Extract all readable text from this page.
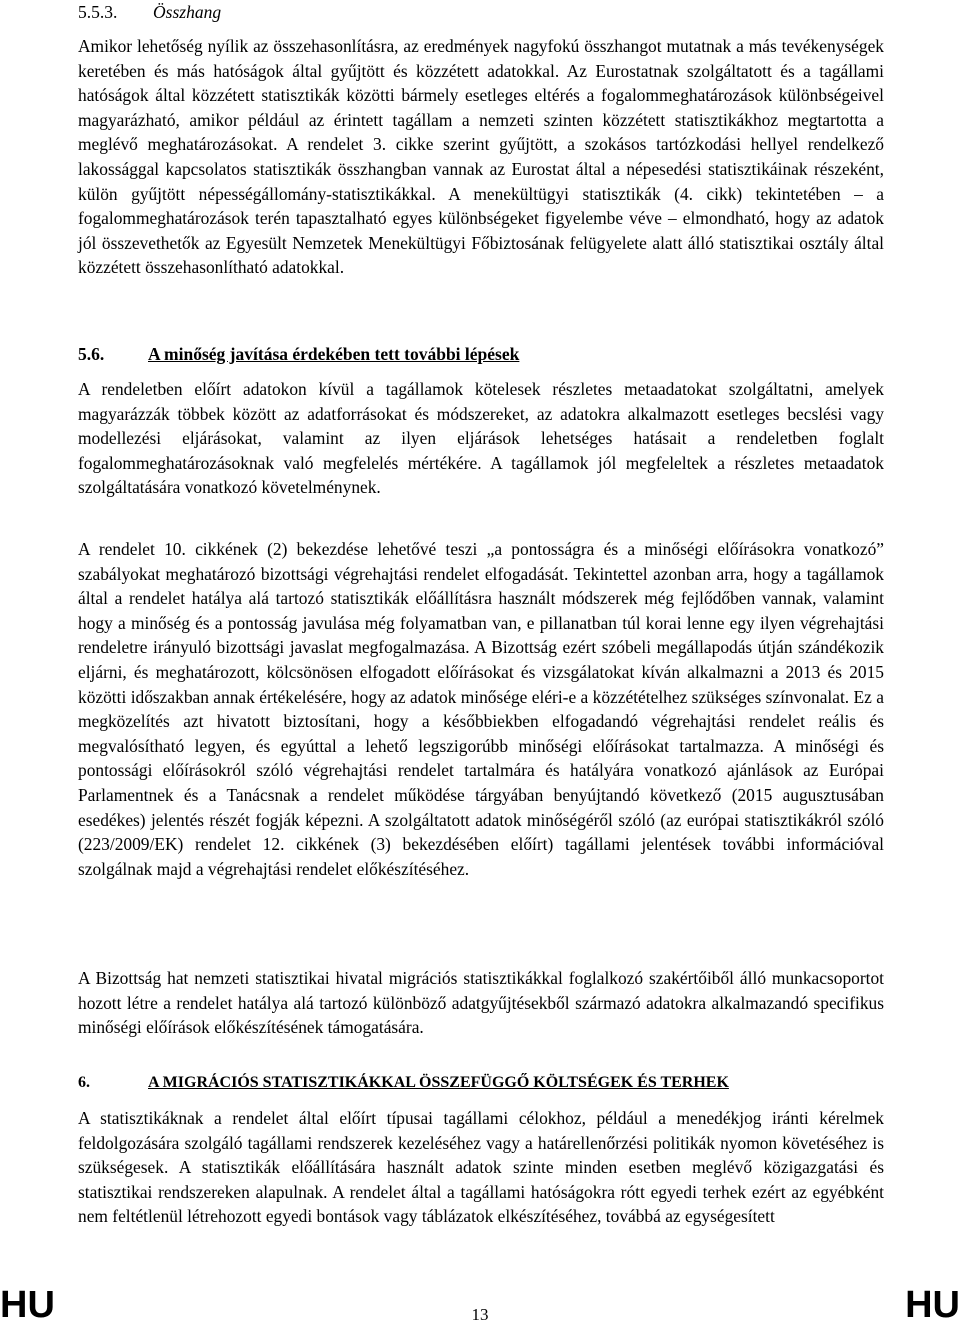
5.5.3. Összhang

Amikor lehetőség nyílik az összehasonlításra, az eredmények nagyfokú összhangot mutatnak a más tevékenységek keretében és más hatóságok által gyűjtött és közzétett adatokkal. Az Eurostatnak szolgáltatott és a tagállami hatóságok által közzétett statisztikák közötti bármely esetleges eltérés a fogalommeghatározások különbségeivel magyarázható, amikor például az érintett tagállam a nemzeti szinten közzétett statisztikákhoz megtartotta a meglévő meghatározásokat. A rendelet 3. cikke szerint gyűjtött, a szokásos tartózkodási hellyel rendelkező lakossággal kapcsolatos statisztikák összhangban vannak az Eurostat által a népesedési statisztikáinak részeként, külön gyűjtött népességállomány-statisztikákkal. A menekültügyi statisztikák (4. cikk) tekintetében – a fogalommeghatározások terén tapasztalható egyes különbségeket figyelembe véve – elmondható, hogy az adatok jól összevethetők az Egyesült Nemzetek Menekültügyi Főbiztosának felügyelete alatt álló statisztikai osztály által közzétett összehasonlítható adatokkal.

5.6.	A minőség javítása érdekében tett további lépések

A rendeletben előírt adatokon kívül a tagállamok kötelesek részletes metaadatokat szolgáltatni, amelyek magyarázzák többek között az adatforrásokat és módszereket, az adatokra alkalmazott esetleges becslési vagy modellezési eljárásokat, valamint az ilyen eljárások lehetséges hatásait a rendeletben foglalt fogalommeghatározásoknak való megfelelés mértékére. A tagállamok jól megfeleltek a részletes metaadatok szolgáltatására vonatkozó követelménynek.

A rendelet 10. cikkének (2) bekezdése lehetővé teszi „a pontosságra és a minőségi előírásokra vonatkozó” szabályokat meghatározó bizottsági végrehajtási rendelet elfogadását. Tekintettel azonban arra, hogy a tagállamok által a rendelet hatálya alá tartozó statisztikák előállításra használt módszerek még fejlődőben vannak, valamint hogy a minőség és a pontosság javulása még folyamatban van, e pillanatban túl korai lenne egy ilyen végrehajtási rendeletre irányuló bizottsági javaslat megfogalmazása. A Bizottság ezért szóbeli megállapodás útján szándékozik eljárni, és meghatározott, kölcsönösen elfogadott előírásokat és vizsgálatokat kíván alkalmazni a 2013 és 2015 közötti időszakban annak értékelésére, hogy az adatok minősége eléri-e a közzétételhez szükséges színvonalat. Ez a megközelítés azt hivatott biztosítani, hogy a későbbiekben elfogadandó végrehajtási rendelet reális és megvalósítható legyen, és egyúttal a lehető legszigorúbb minőségi előírásokat tartalmazza. A minőségi és pontossági előírásokról szóló végrehajtási rendelet tartalmára és hatályára vonatkozó ajánlások az Európai Parlamentnek és a Tanácsnak a rendelet működése tárgyában benyújtandó következő (2015 augusztusában esedékes) jelentés részét fogják képezni. A szolgáltatott adatok minőségéről szóló (az európai statisztikákról szóló (223/2009/EK) rendelet 12. cikkének (3) bekezdésében előírt) tagállami jelentések további információval szolgálnak majd a végrehajtási rendelet előkészítéséhez.

A Bizottság hat nemzeti statisztikai hivatal migrációs statisztikákkal foglalkozó szakértőiből álló munkacsoportot hozott létre a rendelet hatálya alá tartozó különböző adatgyűjtésekből származó adatokra alkalmazandó specifikus minőségi előírások előkészítésének támogatására.

6.	A MIGRÁCIÓS STATISZTIKÁKKAL ÖSSZEFÜGGŐ KÖLTSÉGEK ÉS TERHEK

A statisztikáknak a rendelet által előírt típusai tagállami célokhoz, például a menedékjog iránti kérelmek feldolgozására szolgáló tagállami rendszerek kezeléséhez vagy a határellenőrzési politikák nyomon követéséhez is szükségesek. A statisztikák előállítására használt adatok szinte minden esetben meglévő közigazgatási és statisztikai rendszereken alapulnak. A rendelet által a tagállami hatóságokra rótt egyedi terhek ezért az egyébként nem feltétlenül létrehozott egyedi bontások vagy táblázatok elkészítéséhez, továbbá az egységesített

HU	13	HU
